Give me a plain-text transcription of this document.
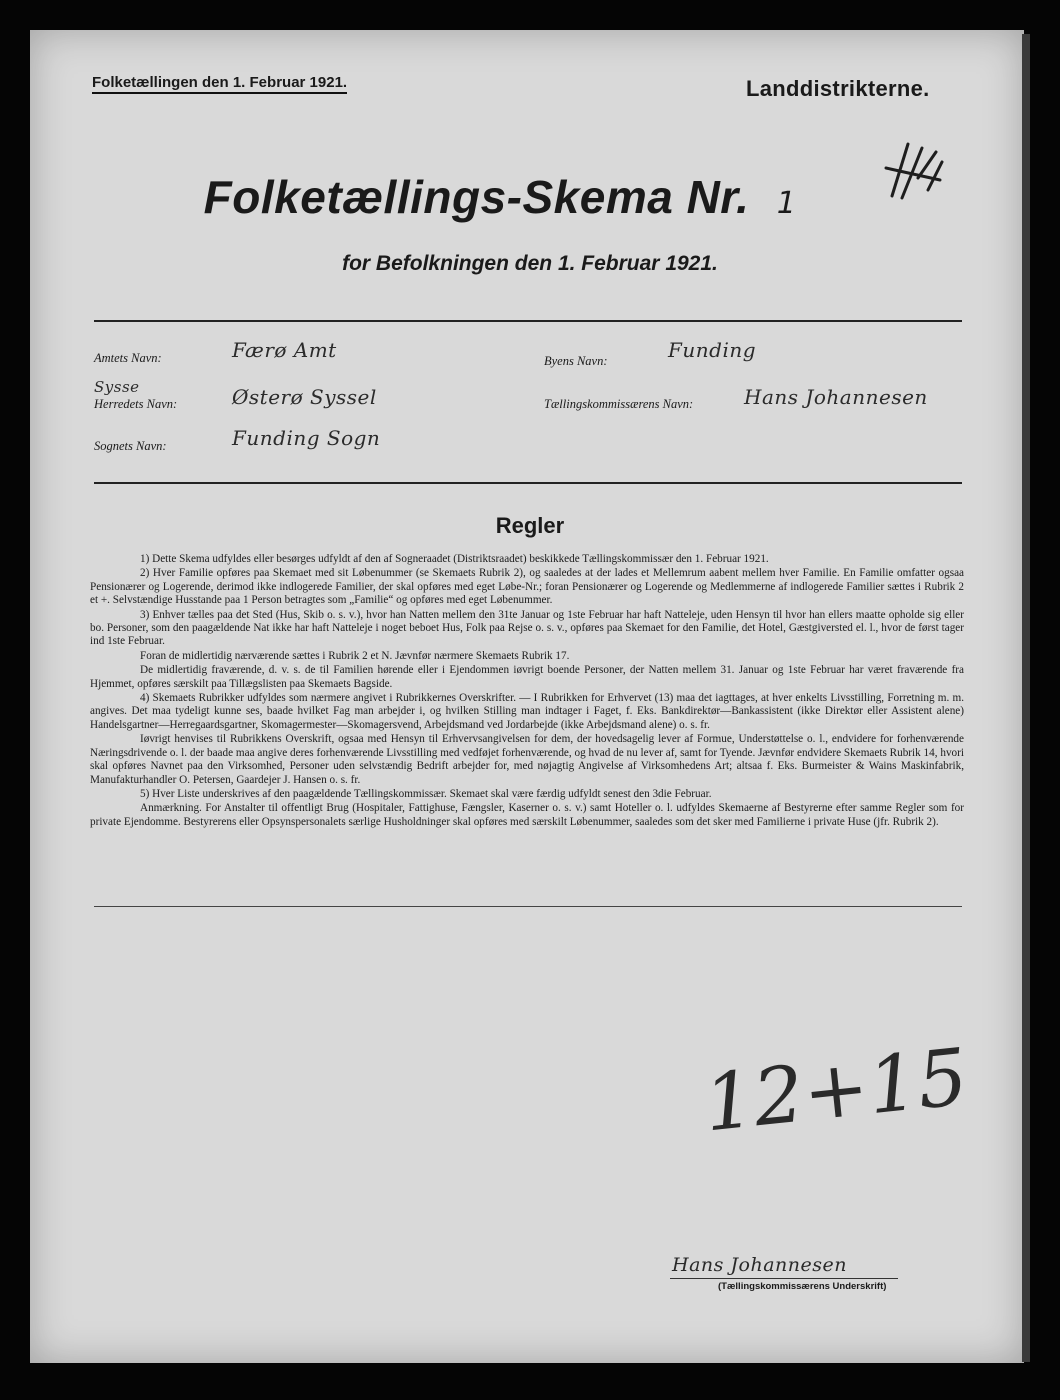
Folketællingen den 1. Februar 1921.	Landdistrikterne.
Folketællings-Skema Nr. 1
for Befolkningen den 1. Februar 1921.
Amtets Navn:	Færø Amt
Sysse
Herredets Navn:	Østerø Syssel
Sognets Navn:	Funding Sogn
Byens Navn:	Funding
Tællingskommissærens Navn:	Hans Johannesen
Regler

1) Dette Skema udfyldes eller besørges udfyldt af den af Sogneraadet (Distriktsraadet) beskikkede Tællingskommissær den 1. Februar 1921.

2) Hver Familie opføres paa Skemaet med sit Løbenummer (se Skemaets Rubrik 2), og saaledes at der lades et Mellemrum aabent mellem hver Familie. En Familie omfatter ogsaa Pensionærer og Logerende, derimod ikke indlogerede Familier, der skal opføres med eget Løbe-Nr.; foran Pensionærer og Logerende og Medlemmerne af indlogerede Familier sættes i Rubrik 2 et +. Selvstændige Husstande paa 1 Person betragtes som „Familie“ og opføres med eget Løbenummer.

3) Enhver tælles paa det Sted (Hus, Skib o. s. v.), hvor han Natten mellem den 31te Januar og 1ste Februar har haft Natteleje, uden Hensyn til hvor han ellers maatte opholde sig eller bo. Personer, som den paagældende Nat ikke har haft Natteleje i noget beboet Hus, Folk paa Rejse o. s. v., opføres paa Skemaet for den Familie, det Hotel, Gæstgiversted el. l., hvor de først tager ind 1ste Februar.

Foran de midlertidig nærværende sættes i Rubrik 2 et N. Jævnfør nærmere Skemaets Rubrik 17.

De midlertidig fraværende, d. v. s. de til Familien hørende eller i Ejendommen iøvrigt boende Personer, der Natten mellem 31. Januar og 1ste Februar har været fraværende fra Hjemmet, opføres særskilt paa Tillægslisten paa Skemaets Bagside.

4) Skemaets Rubrikker udfyldes som nærmere angivet i Rubrikkernes Overskrifter. — I Rubrikken for Erhvervet (13) maa det iagttages, at hver enkelts Livsstilling, Forretning m. m. angives. Det maa tydeligt kunne ses, baade hvilket Fag man arbejder i, og hvilken Stilling man indtager i Faget, f. Eks. Bankdirektør—Bankassistent (ikke Direktør eller Assistent alene) Handelsgartner—Herregaardsgartner, Skomagermester—Skomagersvend, Arbejdsmand ved Jordarbejde (ikke Arbejdsmand alene) o. s. fr.

Iøvrigt henvises til Rubrikkens Overskrift, ogsaa med Hensyn til Erhvervsangivelsen for dem, der hovedsagelig lever af Formue, Understøttelse o. l., endvidere for forhenværende Næringsdrivende o. l. der baade maa angive deres forhenværende Livsstilling med vedføjet forhenværende, og hvad de nu lever af, samt for Tyende. Jævnfør endvidere Skemaets Rubrik 14, hvori skal opføres Navnet paa den Virksomhed, Personer uden selvstændig Bedrift arbejder for, med nøjagtig Angivelse af Virksomhedens Art; altsaa f. Eks. Burmeister & Wains Maskinfabrik, Manufakturhandler O. Petersen, Gaardejer J. Hansen o. s. fr.

5) Hver Liste underskrives af den paagældende Tællingskommissær. Skemaet skal være færdig udfyldt senest den 3die Februar.

Anmærkning. For Anstalter til offentligt Brug (Hospitaler, Fattighuse, Fængsler, Kaserner o. s. v.) samt Hoteller o. l. udfyldes Skemaerne af Bestyrerne efter samme Regler som for private Ejendomme. Bestyrerens eller Opsynspersonalets særlige Husholdninger skal opføres med særskilt Løbenummer, saaledes som det sker med Familierne i private Huse (jfr. Rubrik 2).

12+15
Hans Johannesen
(Tællingskommissærens Underskrift)
